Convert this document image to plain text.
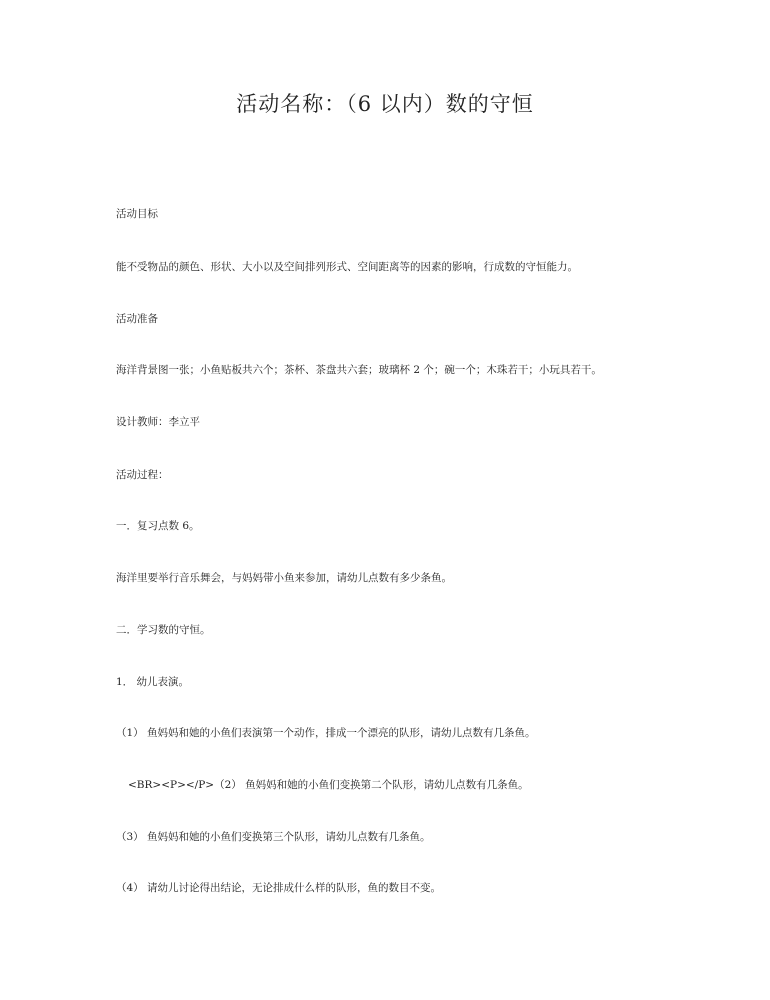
活动名称：（6 以内）数的守恒

活动目标

能不受物品的颜色、形状、大小以及空间排列形式、空间距离等的因素的影响，行成数的守恒能力。

活动准备

海洋背景图一张；小鱼贴板共六个；茶杯、茶盘共六套；玻璃杯 2 个；碗一个；木珠若干；小玩具若干。

设计教师：李立平

活动过程：

一．复习点数 6。

海洋里要举行音乐舞会，与妈妈带小鱼来参加，请幼儿点数有多少条鱼。

二．学习数的守恒。

1． 幼儿表演。

（1） 鱼妈妈和她的小鱼们表演第一个动作，排成一个漂亮的队形，请幼儿点数有几条鱼。

<BR><P></P>（2） 鱼妈妈和她的小鱼们变换第二个队形，请幼儿点数有几条鱼。

（3） 鱼妈妈和她的小鱼们变换第三个队形，请幼儿点数有几条鱼。

（4） 请幼儿讨论得出结论，无论排成什么样的队形，鱼的数目不变。
